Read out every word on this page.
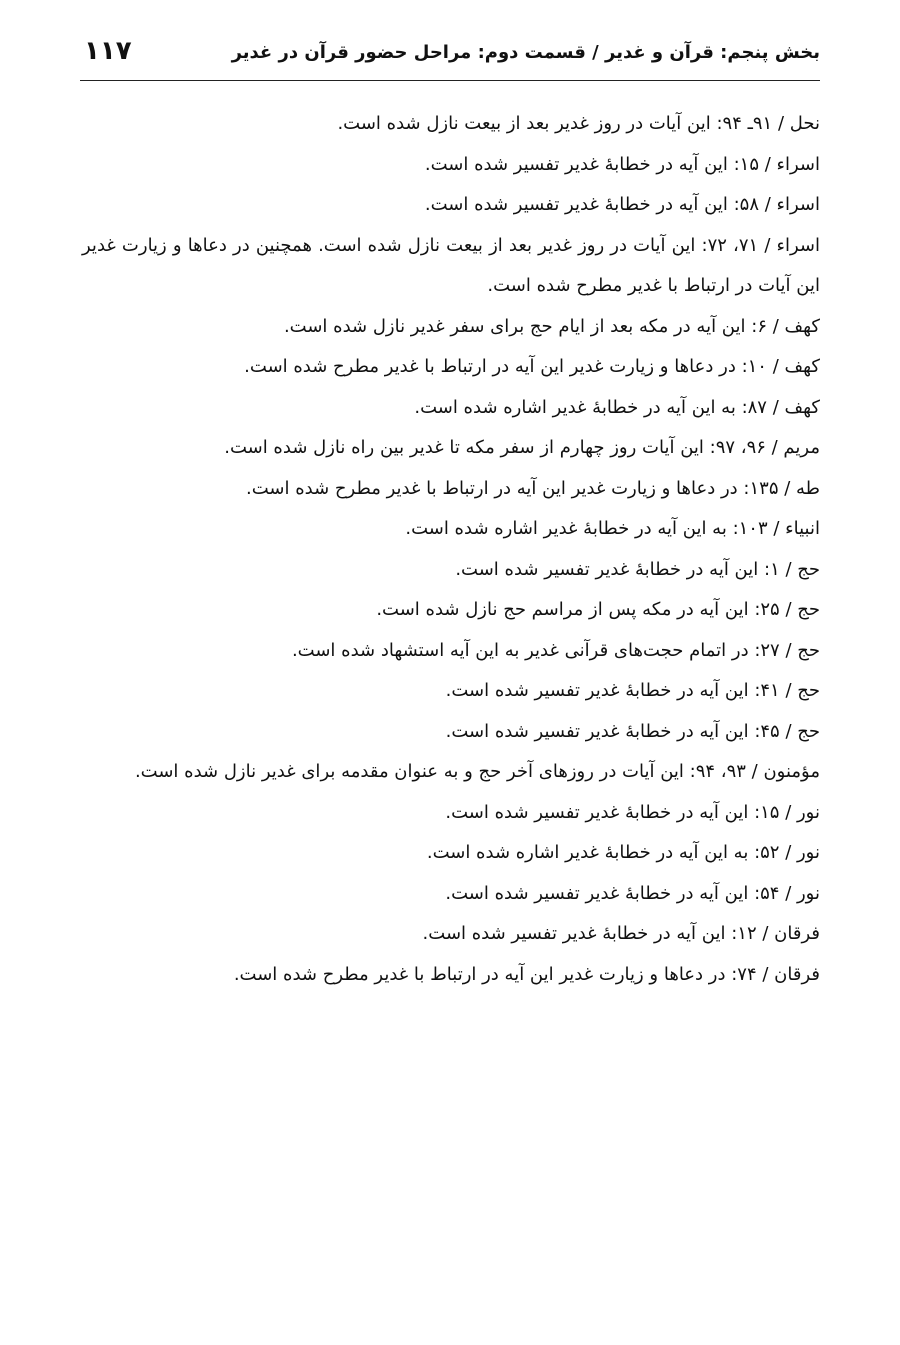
بخش پنجم: قرآن و غدیر / قسمت دوم: مراحل حضور قرآن در غدیر
۱۱۷

نحل / ۹۱ـ ۹۴: این آیات در روز غدیر بعد از بیعت نازل شده است.

اسراء / ۱۵: این آیه در خطابۀ غدیر تفسیر شده است.

اسراء / ۵۸: این آیه در خطابۀ غدیر تفسیر شده است.

اسراء / ۷۱، ۷۲: این آیات در روز غدیر بعد از بیعت نازل شده است. همچنین در دعاها و زیارت غدیر این آیات در ارتباط با غدیر مطرح شده است.

کهف / ۶: این آیه در مکه بعد از ایام حج برای سفر غدیر نازل شده است.

کهف / ۱۰: در دعاها و زیارت غدیر این آیه در ارتباط با غدیر مطرح شده است.

کهف / ۸۷: به این آیه در خطابۀ غدیر اشاره شده است.

مریم / ۹۶، ۹۷: این آیات روز چهارم از سفر مکه تا غدیر بین راه نازل شده است.

طه / ۱۳۵: در دعاها و زیارت غدیر این آیه در ارتباط با غدیر مطرح شده است.

انبیاء / ۱۰۳: به این آیه در خطابۀ غدیر اشاره شده است.

حج / ۱: این آیه در خطابۀ غدیر تفسیر شده است.

حج / ۲۵: این آیه در مکه پس از مراسم حج نازل شده است.

حج / ۲۷: در اتمام حجت‌های قرآنی غدیر به این آیه استشهاد شده است.

حج / ۴۱: این آیه در خطابۀ غدیر تفسیر شده است.

حج / ۴۵: این آیه در خطابۀ غدیر تفسیر شده است.

مؤمنون / ۹۳، ۹۴: این آیات در روزهای آخر حج و به عنوان مقدمه برای غدیر نازل شده است.

نور / ۱۵: این آیه در خطابۀ غدیر تفسیر شده است.

نور / ۵۲: به این آیه در خطابۀ غدیر اشاره شده است.

نور / ۵۴: این آیه در خطابۀ غدیر تفسیر شده است.

فرقان / ۱۲: این آیه در خطابۀ غدیر تفسیر شده است.

فرقان / ۷۴: در دعاها و زیارت غدیر این آیه در ارتباط با غدیر مطرح شده است.
